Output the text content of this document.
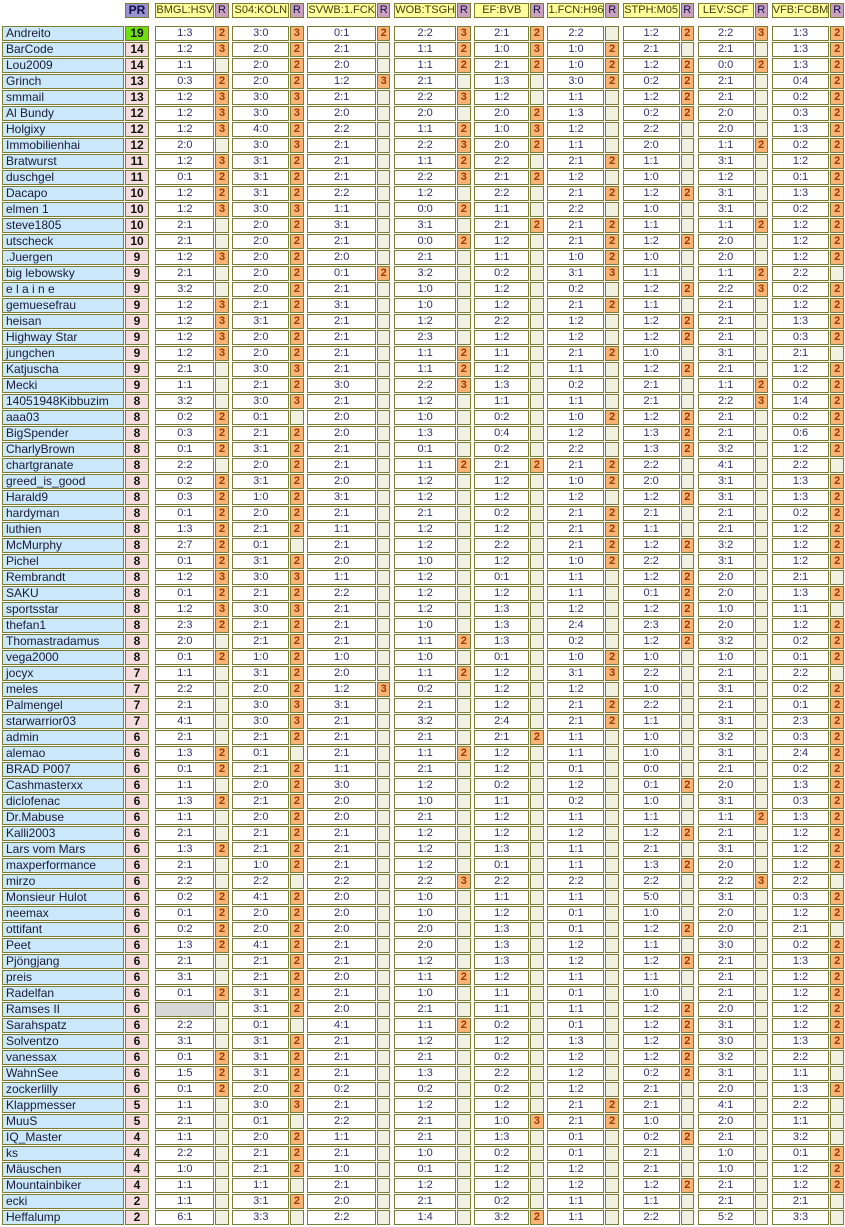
	PR		BMGL:HSV	R		S04:KÖLN	R		SVWB:1.FCK	R		WOB:TSGH	R		EF:BVB	R		1.FCN:H96	R		STPH:M05	R		LEV:SCF	R		VFB:FCBM	R

Andreito	19		1:3	2		3:0	3		0:1	2		2:2	3		2:1	2		2:2			1:2	2		2:2	3		1:3	2
BarCode	14		1:2	3		2:0	2		2:1			1:1	2		1:0	3		1:0	2		2:1			2:1			1:3	2
Lou2009	14		1:1			2:0	2		2:0			1:1	2		2:1	2		1:0	2		1:2	2		0:0	2		1:3	2
Grinch	13		0:3	2		2:0	2		1:2	3		2:1			1:3			3:0	2		0:2	2		2:1			0:4	2
smmail	13		1:2	3		3:0	3		2:1			2:2	3		1:2			1:1			1:2	2		2:1			0:2	2
Al Bundy	12		1:2	3		3:0	3		2:0			2:0			2:0	2		1:3			0:2	2		2:0			0:3	2
Holgixy	12		1:2	3		4:0	2		2:2			1:1	2		1:0	3		1:2			2:2			2:0			1:3	2
Immobilienhai	12		2:0			3:0	3		2:1			2:2	3		2:0	2		1:1			2:0			1:1	2		0:2	2
Bratwurst	11		1:2	3		3:1	2		2:1			1:1	2		2:2			2:1	2		1:1			3:1			1:2	2
duschgel	11		0:1	2		3:1	2		2:1			2:2	3		2:1	2		1:2			1:0			1:2			0:1	2
Dacapo	10		1:2	2		3:1	2		2:2			1:2			2:2			2:1	2		1:2	2		3:1			1:3	2
elmen 1	10		1:2	3		3:0	3		1:1			0:0	2		1:1			2:2			1:0			3:1			0:2	2
steve1805	10		2:1			2:0	2		3:1			3:1			2:1	2		2:1	2		1:1			1:1	2		1:2	2
utscheck	10		2:1			2:0	2		2:1			0:0	2		1:2			2:1	2		1:2	2		2:0			1:2	2
.Juergen	9		1:2	3		2:0	2		2:0			2:1			1:1			1:0	2		1:0			2:0			1:2	2
big lebowsky	9		2:1			2:0	2		0:1	2		3:2			0:2			3:1	3		1:1			1:1	2		2:2	
e l a i n e	9		3:2			2:0	2		2:1			1:0			1:2			0:2			1:2	2		2:2	3		0:2	2
gemuesefrau	9		1:2	3		2:1	2		3:1			1:0			1:2			2:1	2		1:1			2:1			1:2	2
heisan	9		1:2	3		3:1	2		2:1			1:2			2:2			1:2			1:2	2		2:1			1:3	2
Highway Star	9		1:2	3		2:0	2		2:1			2:3			1:2			1:2			1:2	2		2:1			0:3	2
jungchen	9		1:2	3		2:0	2		2:1			1:1	2		1:1			2:1	2		1:0			3:1			2:1	
Katjuscha	9		2:1			3:0	3		2:1			1:1	2		1:2			1:1			1:2	2		2:1			1:2	2
Mecki	9		1:1			2:1	2		3:0			2:2	3		1:3			0:2			2:1			1:1	2		0:2	2
14051948Kibbuzim	8		3:2			3:0	3		2:1			1:2			1:1			1:1			2:1			2:2	3		1:4	2
aaa03	8		0:2	2		0:1			2:0			1:0			0:2			1:0	2		1:2	2		2:1			0:2	2
BigSpender	8		0:3	2		2:1	2		2:0			1:3			0:4			1:2			1:3	2		2:1			0:6	2
CharlyBrown	8		0:1	2		3:1	2		2:1			0:1			0:2			2:2			1:3	2		3:2			1:2	2
chartgranate	8		2:2			2:0	2		2:1			1:1	2		2:1	2		2:1	2		2:2			4:1			2:2	
greed_is_good	8		0:2	2		3:1	2		2:0			1:2			1:2			1:0	2		2:0			3:1			1:3	2
Harald9	8		0:3	2		1:0	2		3:1			1:2			1:2			1:2			1:2	2		3:1			1:3	2
hardyman	8		0:1	2		2:0	2		2:1			2:1			0:2			2:1	2		2:1			2:1			0:2	2
luthien	8		1:3	2		2:1	2		1:1			1:2			1:2			2:1	2		1:1			2:1			1:2	2
McMurphy	8		2:7	2		0:1			2:1			1:2			2:2			2:1	2		1:2	2		3:2			1:2	2
Pichel	8		0:1	2		3:1	2		2:0			1:0			1:2			1:0	2		2:2			3:1			1:2	2
Rembrandt	8		1:2	3		3:0	3		1:1			1:2			0:1			1:1			1:2	2		2:0			2:1	
SAKU	8		0:1	2		2:1	2		2:2			1:2			1:2			1:1			0:1	2		2:0			1:3	2
sportsstar	8		1:2	3		3:0	3		2:1			1:2			1:3			1:2			1:2	2		1:0			1:1	
thefan1	8		2:3	2		2:1	2		2:1			1:0			1:3			2:4			2:3	2		2:0			1:2	2
Thomastradamus	8		2:0			2:1	2		2:1			1:1	2		1:3			0:2			1:2	2		3:2			0:2	2
vega2000	8		0:1	2		1:0	2		1:0			1:0			0:1			1:0	2		1:0			1:0			0:1	2
jocyx	7		1:1			3:1	2		2:0			1:1	2		1:2			3:1	3		2:2			2:1			2:2	
meles	7		2:2			2:0	2		1:2	3		0:2			1:2			1:2			1:0			3:1			0:2	2
Palmengel	7		2:1			3:0	3		3:1			2:1			1:2			2:1	2		2:2			2:1			0:1	2
starwarrior03	7		4:1			3:0	3		2:1			3:2			2:4			2:1	2		1:1			3:1			2:3	2
admin	6		2:1			2:1	2		2:1			2:1			2:1	2		1:1			1:0			3:2			0:3	2
alemao	6		1:3	2		0:1			2:1			1:1	2		1:2			1:1			1:0			3:1			2:4	2
BRAD P007	6		0:1	2		2:1	2		1:1			2:1			1:2			0:1			0:0			2:1			0:2	2
Cashmasterxx	6		1:1			2:0	2		3:0			1:2			0:2			1:2			0:1	2		2:0			1:3	2
diclofenac	6		1:3	2		2:1	2		2:0			1:0			1:1			0:2			1:0			3:1			0:3	2
Dr.Mabuse	6		1:1			2:0	2		2:0			2:1			1:2			1:1			1:1			1:1	2		1:3	2
Kalli2003	6		2:1			2:1	2		2:1			1:2			1:2			1:2			1:2	2		2:1			1:2	2
Lars vom Mars	6		1:3	2		2:1	2		2:1			1:2			1:3			1:1			2:1			3:1			1:2	2
maxperformance	6		2:1			1:0	2		2:1			1:2			0:1			1:1			1:3	2		2:0			1:2	2
mirzo	6		2:2			2:2			2:2			2:2	3		2:2			2:2			2:2			2:2	3		2:2	
Monsieur Hulot	6		0:2	2		4:1	2		2:0			1:0			1:1			1:1			5:0			3:1			0:3	2
neemax	6		0:1	2		2:0	2		2:0			1:0			1:2			0:1			1:0			2:0			1:2	2
ottifant	6		0:2	2		2:0	2		2:0			2:0			1:3			0:1			1:2	2		2:0			2:1	
Peet	6		1:3	2		4:1	2		2:1			2:0			1:3			1:2			1:1			3:0			0:2	2
Pjöngjang	6		2:1			2:1	2		2:1			1:2			1:3			1:2			1:2	2		2:1			1:3	2
preis	6		3:1			2:1	2		2:0			1:1	2		1:2			1:1			1:1			2:1			1:2	2
Radelfan	6		0:1	2		3:1	2		2:1			1:0			1:1			0:1			1:0			2:1			1:2	2
Ramses II	6					3:1	2		2:0			2:1			1:1			1:1			1:2	2		2:0			1:2	2
Sarahspatz	6		2:2			0:1			4:1			1:1	2		0:2			0:1			1:2	2		3:1			1:2	2
Solventzo	6		3:1			3:1	2		2:1			1:2			1:2			1:3			1:2	2		3:0			1:3	2
vanessax	6		0:1	2		3:1	2		2:1			2:1			0:2			1:2			1:2	2		3:2			2:2	
WahnSee	6		1:5	2		3:1	2		2:1			1:3			2:2			1:2			0:2	2		3:1			1:1	
zockerlilly	6		0:1	2		2:0	2		0:2			0:2			0:2			1:2			2:1			2:0			1:3	2
Klappmesser	5		1:1			3:0	3		2:1			1:2			1:2			2:1	2		2:1			4:1			2:2	
MuuS	5		2:1			0:1			2:2			2:1			1:0	3		2:1	2		1:0			2:0			1:1	
IQ_Master	4		1:1			2:0	2		1:1			2:1			1:3			0:1			0:2	2		2:1			3:2	
ks	4		2:2			2:1	2		2:1			1:0			0:2			0:1			2:1			1:0			0:1	2
Mäuschen	4		1:0			2:1	2		1:0			0:1			1:2			1:2			2:1			1:0			1:2	2
Mountainbiker	4		1:1			1:1			2:1			1:2			1:2			1:2			1:2	2		2:1			1:2	2
ecki	2		1:1			3:1	2		2:0			2:1			0:2			1:1			1:1			2:1			2:1	
Heffalump	2		6:1			3:3			2:2			1:4			3:2	2		1:1			2:2			5:2			3:3	
